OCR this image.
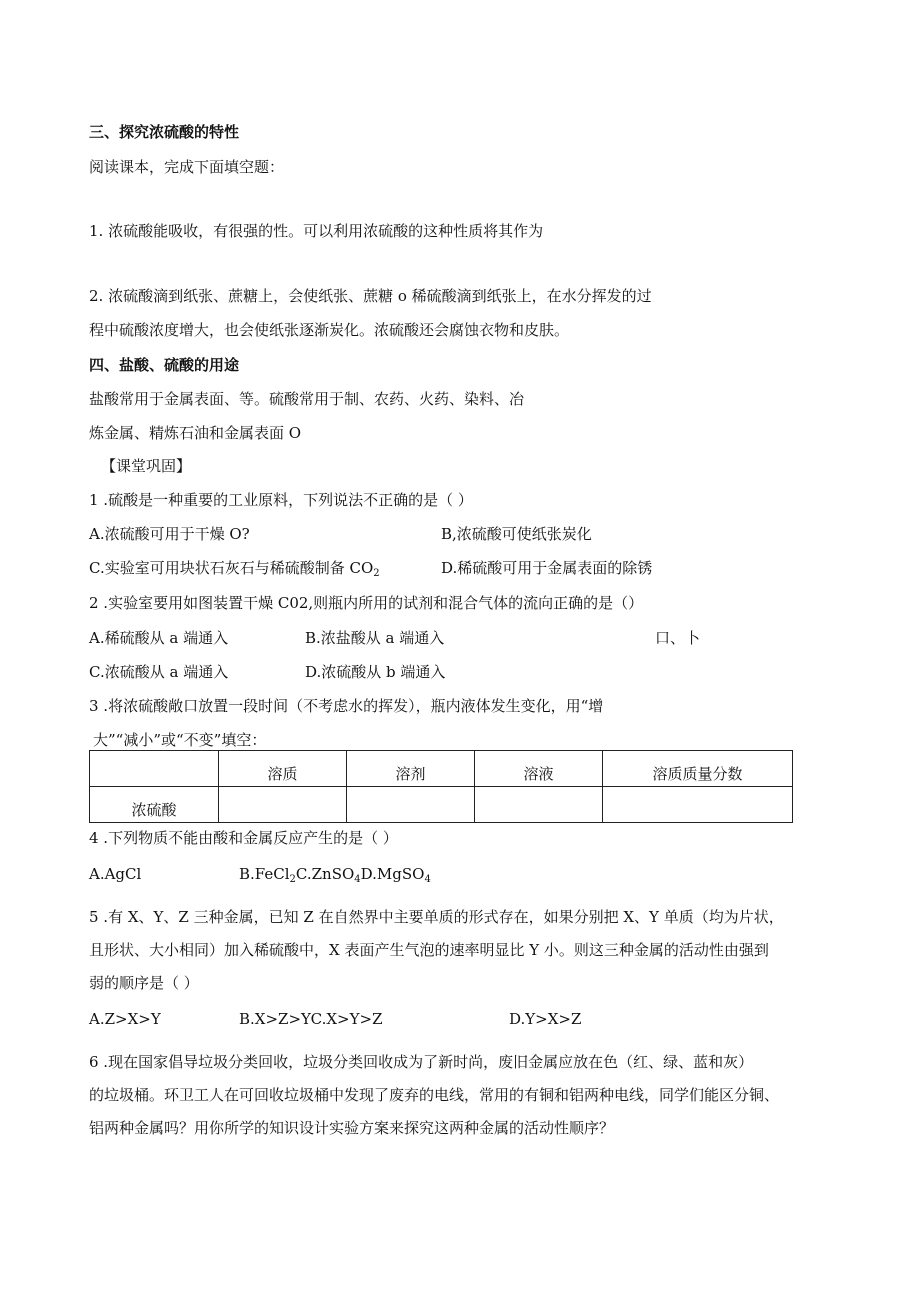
三、探究浓硫酸的特性
阅读课本，完成下面填空题：
1. 浓硫酸能吸收，有很强的性。可以利用浓硫酸的这种性质将其作为
2. 浓硫酸滴到纸张、蔗糖上，会使纸张、蔗糖 o 稀硫酸滴到纸张上，在水分挥发的过
程中硫酸浓度增大，也会使纸张逐渐炭化。浓硫酸还会腐蚀衣物和皮肤。
四、盐酸、硫酸的用途
盐酸常用于金属表面、等。硫酸常用于制、农药、火药、染料、冶
炼金属、精炼石油和金属表面 O
【课堂巩固】
1 .硫酸是一种重要的工业原料，下列说法不正确的是（ ）
A.浓硫酸可用于干燥 O?	B,浓硫酸可使纸张炭化
C.实验室可用块状石灰石与稀硫酸制备 $CO_2$	D.稀硫酸可用于金属表面的除锈
2 .实验室要用如图装置干燥 C02,则瓶内所用的试剂和混合气体的流向正确的是（）
A.稀硫酸从 a 端通入	B.浓盐酸从 a 端通入	口、卜
C.浓硫酸从 a 端通入	D.浓硫酸从 b 端通入
3 .将浓硫酸敞口放置一段时间（不考虑水的挥发），瓶内液体发生变化，用“增
大”“减小”或“不变”填空：
	溶质	溶剂	溶液	溶质质量分数
浓硫酸				
4 .下列物质不能由酸和金属反应产生的是（ ）
A.AgCl	B.FeCl$_2$C.ZnSO$_4$D.MgSO$_4$
5 .有 X、Y、Z 三种金属，已知 Z 在自然界中主要单质的形式存在，如果分别把 X、Y 单质（均为片状，
且形状、大小相同）加入稀硫酸中，X 表面产生气泡的速率明显比 Y 小。则这三种金属的活动性由强到
弱的顺序是（ ）
A.Z>X>Y	B.X>Z>YC.X>Y>Z	D.Y>X>Z
6 .现在国家倡导垃圾分类回收，垃圾分类回收成为了新时尚，废旧金属应放在色（红、绿、蓝和灰）
的垃圾桶。环卫工人在可回收垃圾桶中发现了废弃的电线，常用的有铜和铝两种电线，同学们能区分铜、
铝两种金属吗？用你所学的知识设计实验方案来探究这两种金属的活动性顺序？
